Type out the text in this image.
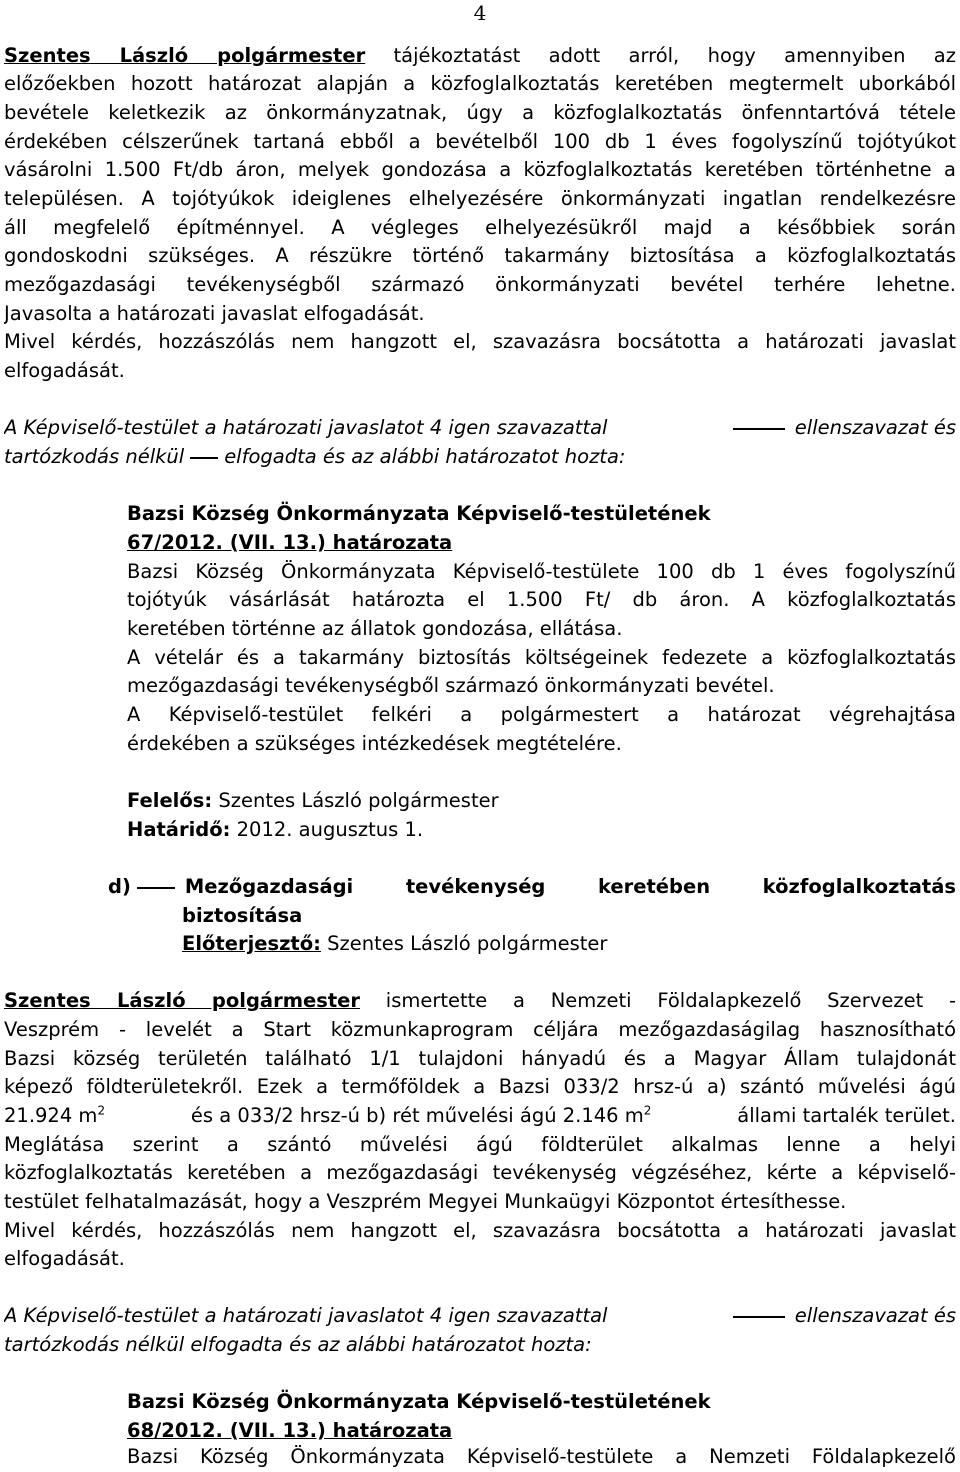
4
Szentes László polgármester tájékoztatást adott arról, hogy amennyiben az
előzőekben hozott határozat alapján a közfoglalkoztatás keretében megtermelt uborkából
bevétele keletkezik az önkormányzatnak, úgy a közfoglalkoztatás önfenntartóvá tétele
érdekében célszerűnek tartaná ebből a bevételből 100 db 1 éves fogolyszínű tojótyúkot
vásárolni 1.500 Ft/db áron, melyek gondozása a közfoglalkoztatás keretében történhetne a
településen. A tojótyúkok ideiglenes elhelyezésére önkormányzati ingatlan rendelkezésre
áll megfelelő építménnyel. A végleges elhelyezésükről majd a későbbiek során
gondoskodni szükséges. A részükre történő takarmány biztosítása a közfoglalkoztatás
mezőgazdasági tevékenységből származó önkormányzati bevétel terhére lehetne.
Javasolta a határozati javaslat elfogadását.
Mivel kérdés, hozzászólás nem hangzott el, szavazásra bocsátotta a határozati javaslat
elfogadását.
A Képviselő-testület a határozati javaslatot 4 igen szavazattal	ellenszavazat és
tartózkodás nélkül elfogadta és az alábbi határozatot hozta:
Bazsi Község Önkormányzata Képviselő-testületének
67/2012. (VII. 13.) határozata
Bazsi Község Önkormányzata Képviselő-testülete 100 db 1 éves fogolyszínű
tojótyúk vásárlását határozta el 1.500 Ft/ db áron. A közfoglalkoztatás
keretében történne az állatok gondozása, ellátása.
A vételár és a takarmány biztosítás költségeinek fedezete a közfoglalkoztatás
mezőgazdasági tevékenységből származó önkormányzati bevétel.
A Képviselő-testület felkéri a polgármestert a határozat végrehajtása
érdekében a szükséges intézkedések megtételére.
Felelős: Szentes László polgármester
Határidő: 2012. augusztus 1.
d)	Mezőgazdasági tevékenység keretében közfoglalkoztatás
biztosítása
Előterjesztő: Szentes László polgármester
Szentes László polgármester ismertette a Nemzeti Földalapkezelő Szervezet -
Veszprém - levelét a Start közmunkaprogram céljára mezőgazdaságilag hasznosítható
Bazsi község területén található 1/1 tulajdoni hányadú és a Magyar Állam tulajdonát
képező földterületekről. Ezek a termőföldek a Bazsi 033/2 hrsz-ú a) szántó művelési ágú
21.924 $m^2$	és a 033/2 hrsz-ú b) rét művelési ágú 2.146 $m^2$	állami tartalék terület.
Meglátása szerint a szántó művelési ágú földterület alkalmas lenne a helyi
közfoglalkoztatás keretében a mezőgazdasági tevékenység végzéséhez, kérte a képviselő-
testület felhatalmazását, hogy a Veszprém Megyei Munkaügyi Központot értesíthesse.
Mivel kérdés, hozzászólás nem hangzott el, szavazásra bocsátotta a határozati javaslat
elfogadását.
A Képviselő-testület a határozati javaslatot 4 igen szavazattal	ellenszavazat és
tartózkodás nélkül elfogadta és az alábbi határozatot hozta:
Bazsi Község Önkormányzata Képviselő-testületének
68/2012. (VII. 13.) határozata
Bazsi Község Önkormányzata Képviselő-testülete a Nemzeti Földalapkezelő
